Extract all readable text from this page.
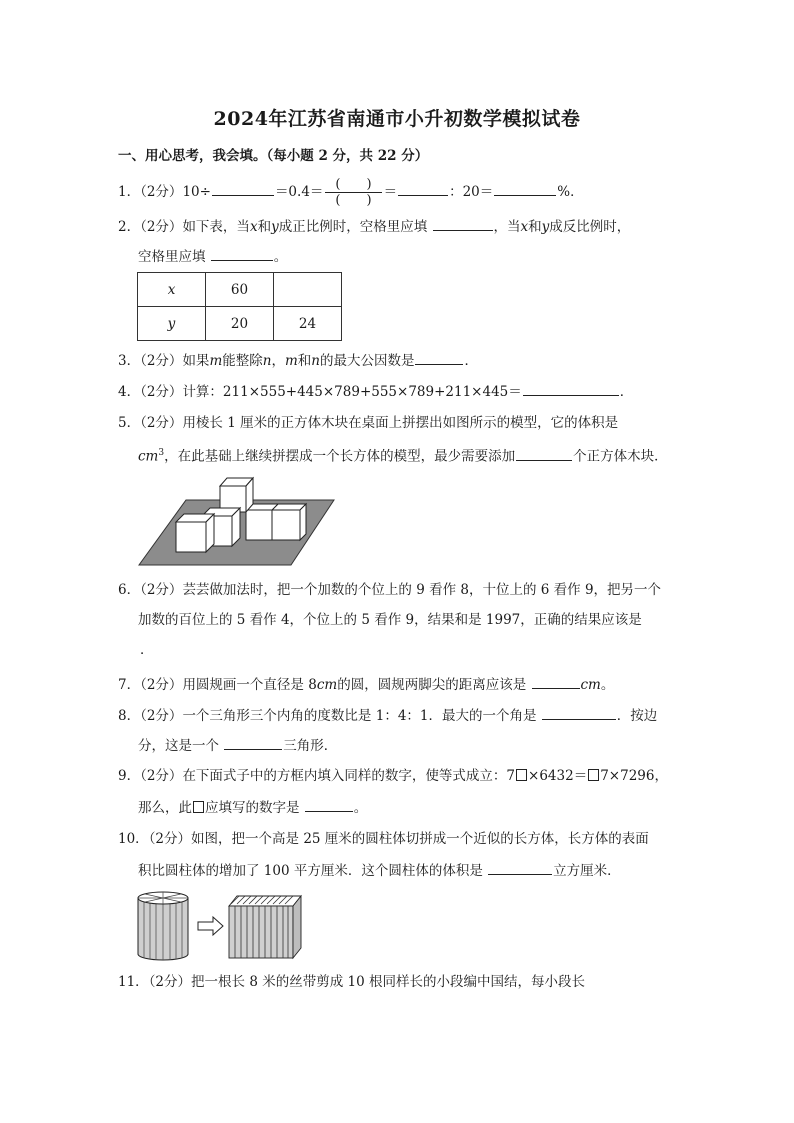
2024年江苏省南通市小升初数学模拟试卷
一、用心思考，我会填。（每小题 2 分，共 22 分）
1．（2分）10÷	$=0.4= \frac{( )}{( )}$ ＝	：20＝	%．
2．（2分）如下表，当x和y成正比例时，空格里应填	，当x和y成反比例时，
空格里应填	。
x	60	
y	20	24
3．（2分）如果m能整除n，m和n的最大公因数是	．
4．（2分）计算：211×555+445×789+555×789+211×445＝	．
5．（2分）用棱长 1 厘米的正方体木块在桌面上拼摆出如图所示的模型，它的体积是
$cm^3$，在此基础上继续拼摆成一个长方体的模型，最少需要添加	个正方体木块．
6．（2分）芸芸做加法时，把一个加数的个位上的 9 看作 8，十位上的 6 看作 9，把另一个
加数的百位上的 5 看作 4，个位上的 5 看作 9，结果和是 1997，正确的结果应该是
．
7．（2分）用圆规画一个直径是 8cm的圆，圆规两脚尖的距离应该是	cm。
8．（2分）一个三角形三个内角的度数比是 1：4：1．最大的一个角是	．按边
分，这是一个	三角形．
9．（2分）在下面式子中的方框内填入同样的数字，使等式成立：7 ×6432＝ 7×7296，
那么，此 应填写的数字是	。
10．（2分）如图，把一个高是 25 厘米的圆柱体切拼成一个近似的长方体，长方体的表面
积比圆柱体的增加了 100 平方厘米．这个圆柱体的体积是	立方厘米．
11．（2分）把一根长 8 米的丝带剪成 10 根同样长的小段编中国结，每小段长
